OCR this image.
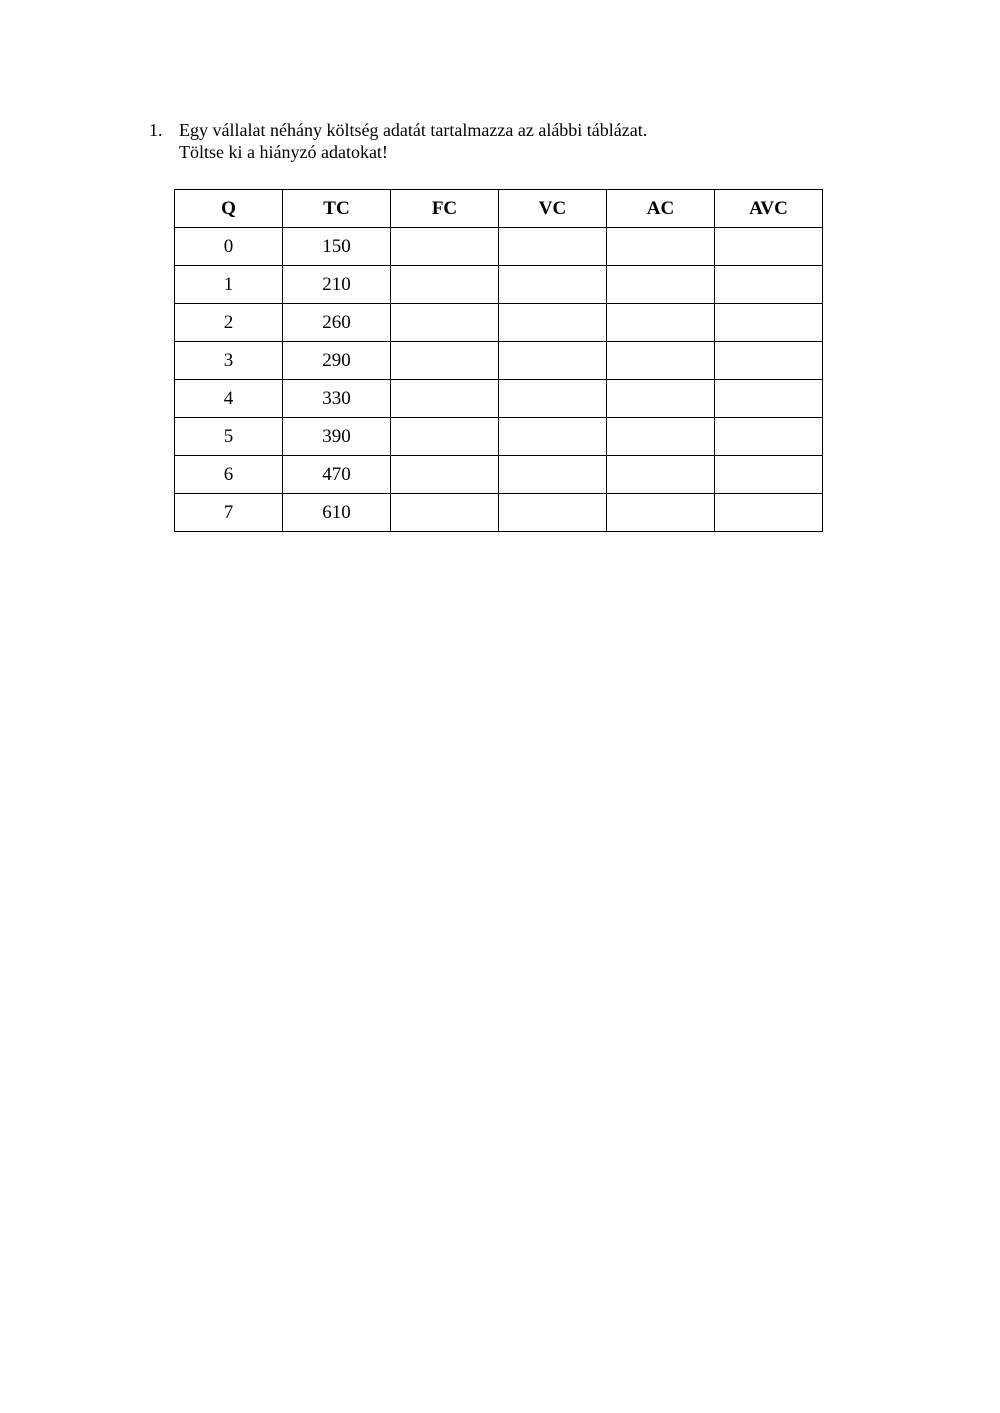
1. Egy vállalat néhány költség adatát tartalmazza az alábbi táblázat.
Töltse ki a hiányzó adatokat!
Q	TC	FC	VC	AC	AVC
0	150				
1	210				
2	260				
3	290				
4	330				
5	390				
6	470				
7	610				
